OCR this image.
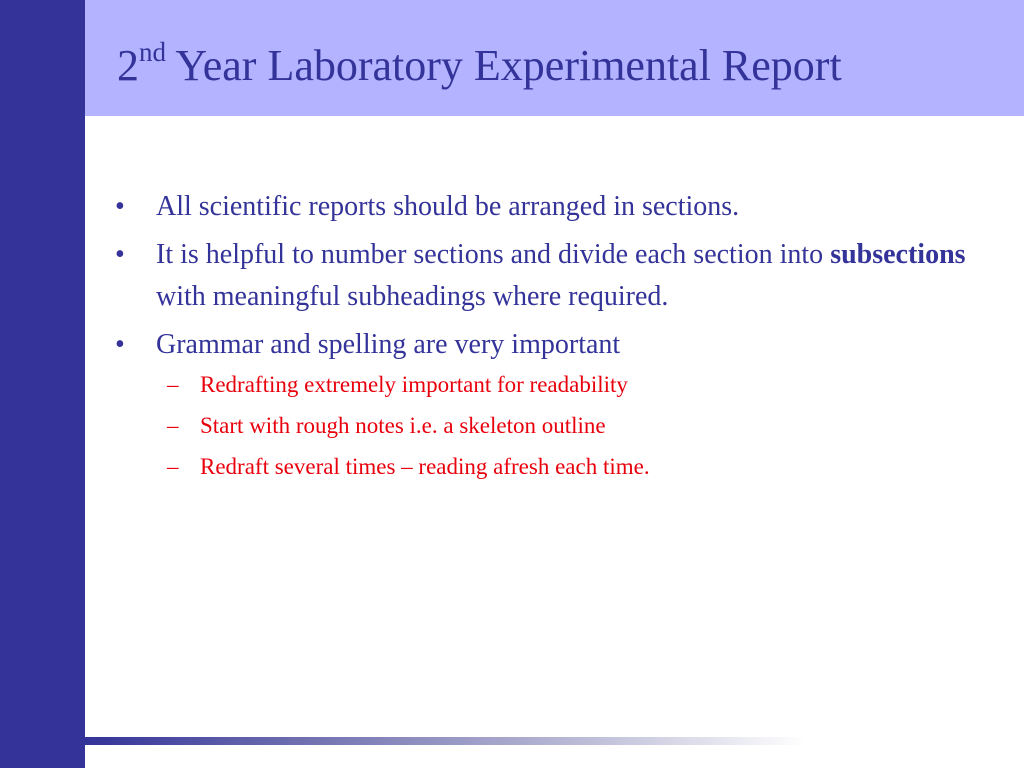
2nd Year Laboratory Experimental Report
•	All scientific reports should be arranged in sections.
•	It is helpful to number sections and divide each section into subsections with meaningful subheadings where required.
•	Grammar and spelling are very important
– Redrafting extremely important for readability
– Start with rough notes i.e. a skeleton outline
– Redraft several times – reading afresh each time.
